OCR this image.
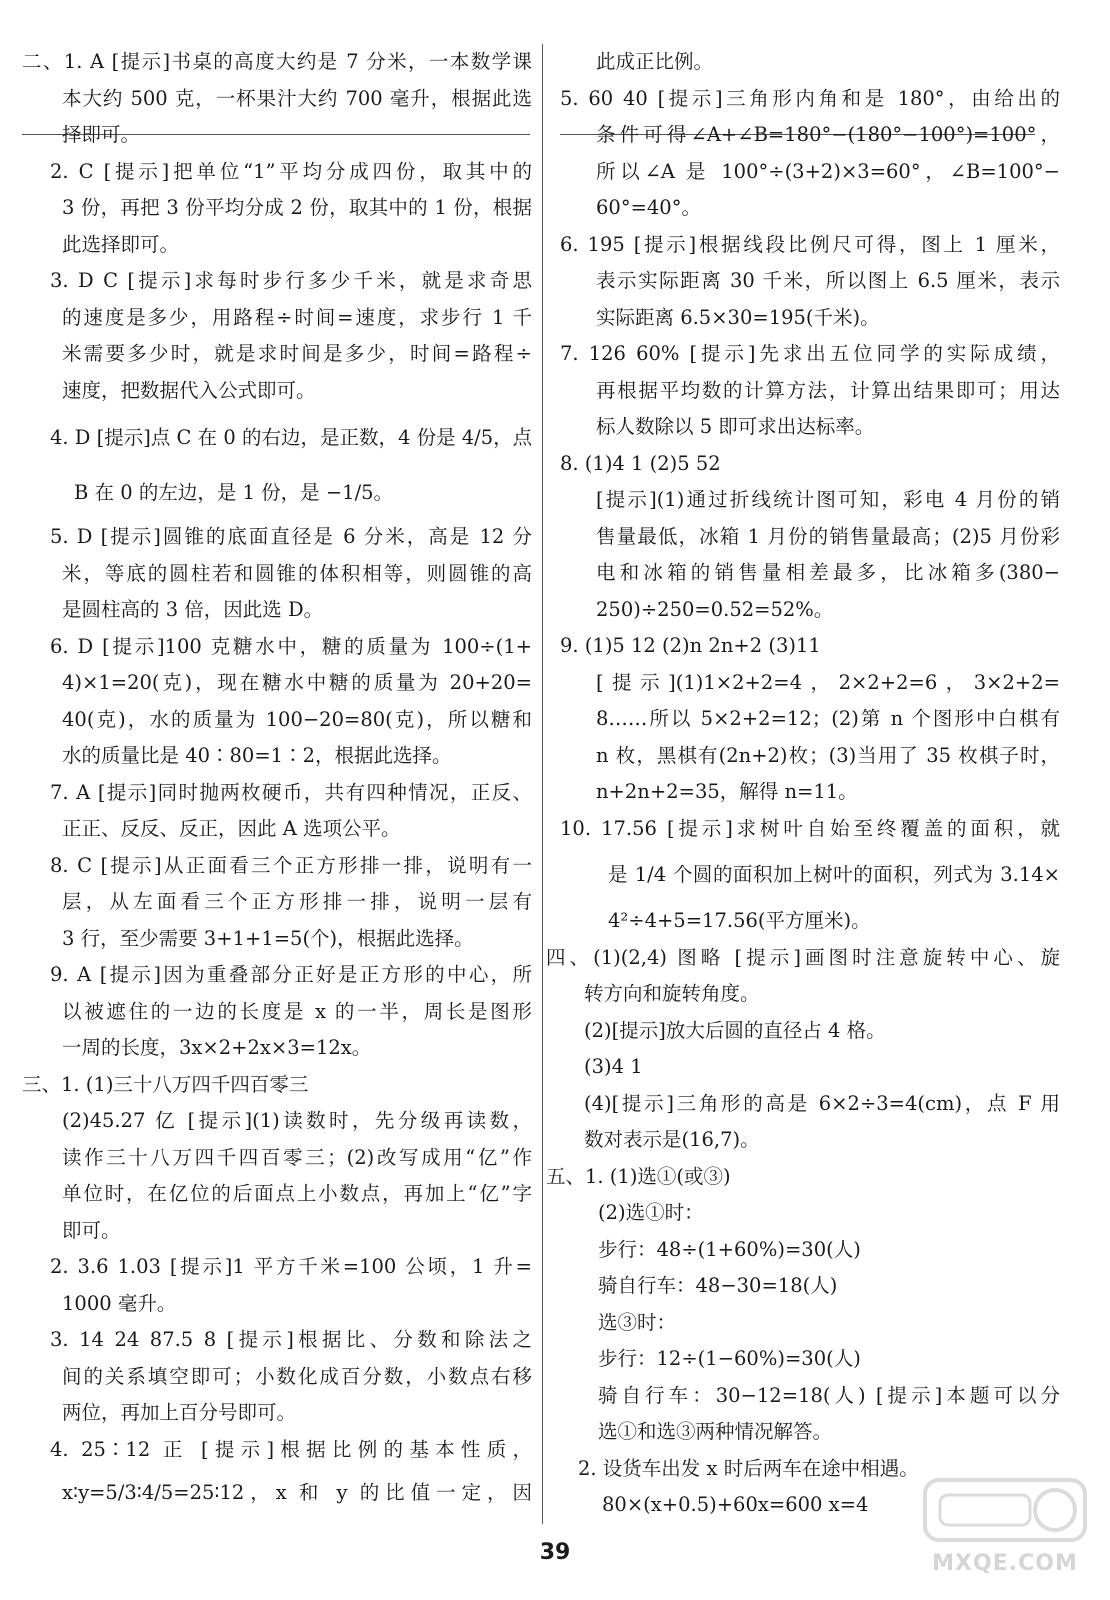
二、1. A [提示]书桌的高度大约是 7 分米，一本数学课
本大约 500 克，一杯果汁大约 700 毫升，根据此选
择即可。
2. C [提示]把单位“1”平均分成四份，取其中的
3 份，再把 3 份平均分成 2 份，取其中的 1 份，根据
此选择即可。
3. D C [提示]求每时步行多少千米，就是求奇思
的速度是多少，用路程÷时间=速度，求步行 1 千
米需要多少时，就是求时间是多少，时间=路程÷
速度，把数据代入公式即可。
4. D [提示]点 C 在 0 的右边，是正数，4 份是 4/5，点
B 在 0 的左边，是 1 份，是 −1/5。
5. D [提示]圆锥的底面直径是 6 分米，高是 12 分
米，等底的圆柱若和圆锥的体积相等，则圆锥的高
是圆柱高的 3 倍，因此选 D。
6. D [提示]100 克糖水中，糖的质量为 100÷(1+
4)×1=20(克)，现在糖水中糖的质量为 20+20=
40(克)，水的质量为 100−20=80(克)，所以糖和
水的质量比是 40∶80=1∶2，根据此选择。
7. A [提示]同时抛两枚硬币，共有四种情况，正反、
正正、反反、反正，因此 A 选项公平。
8. C [提示]从正面看三个正方形排一排，说明有一
层，从左面看三个正方形排一排，说明一层有
3 行，至少需要 3+1+1=5(个)，根据此选择。
9. A [提示]因为重叠部分正好是正方形的中心，所
以被遮住的一边的长度是 x 的一半，周长是图形
一周的长度，3x×2+2x×3=12x。
三、1. (1)三十八万四千四百零三
(2)45.27 亿 [提示](1)读数时，先分级再读数，
读作三十八万四千四百零三；(2)改写成用“亿”作
单位时，在亿位的后面点上小数点，再加上“亿”字
即可。
2. 3.6 1.03 [提示]1 平方千米=100 公顷，1 升=
1000 毫升。
3. 14 24 87.5 8 [提示]根据比、分数和除法之
间的关系填空即可；小数化成百分数，小数点右移
两位，再加上百分号即可。
4. 25∶12 正 [提示]根据比例的基本性质，
x∶y=5/3∶4/5=25∶12，x 和 y 的比值一定，因
此成正比例。
5. 60 40 [提示]三角形内角和是 180°，由给出的
条件可得∠A+∠B=180°−(180°−100°)=100°，
所以∠A 是 100°÷(3+2)×3=60°，∠B=100°−
60°=40°。
6. 195 [提示]根据线段比例尺可得，图上 1 厘米，
表示实际距离 30 千米，所以图上 6.5 厘米，表示
实际距离 6.5×30=195(千米)。
7. 126 60% [提示]先求出五位同学的实际成绩，
再根据平均数的计算方法，计算出结果即可；用达
标人数除以 5 即可求出达标率。
8. (1)4 1 (2)5 52
[提示](1)通过折线统计图可知，彩电 4 月份的销
售量最低，冰箱 1 月份的销售量最高；(2)5 月份彩
电和冰箱的销售量相差最多，比冰箱多(380−
250)÷250=0.52=52%。
9. (1)5 12 (2)n 2n+2 (3)11
[提示](1)1×2+2=4，2×2+2=6，3×2+2=
8……所以 5×2+2=12；(2)第 n 个图形中白棋有
n 枚，黑棋有(2n+2)枚；(3)当用了 35 枚棋子时，
n+2n+2=35，解得 n=11。
10. 17.56 [提示]求树叶自始至终覆盖的面积，就
是 1/4 个圆的面积加上树叶的面积，列式为 3.14×
4²÷4+5=17.56(平方厘米)。
四、(1)(2,4) 图略 [提示]画图时注意旋转中心、旋
转方向和旋转角度。
(2)[提示]放大后圆的直径占 4 格。
(3)4 1
(4)[提示]三角形的高是 6×2÷3=4(cm)，点 F 用
数对表示是(16,7)。
五、1. (1)选①(或③)
(2)选①时：
步行：48÷(1+60%)=30(人)
骑自行车：48−30=18(人)
选③时：
步行：12÷(1−60%)=30(人)
骑自行车：30−12=18(人) [提示]本题可以分
选①和选③两种情况解答。
2. 设货车出发 x 时后两车在途中相遇。
80×(x+0.5)+60x=600 x=4
39	MXQE.COM
